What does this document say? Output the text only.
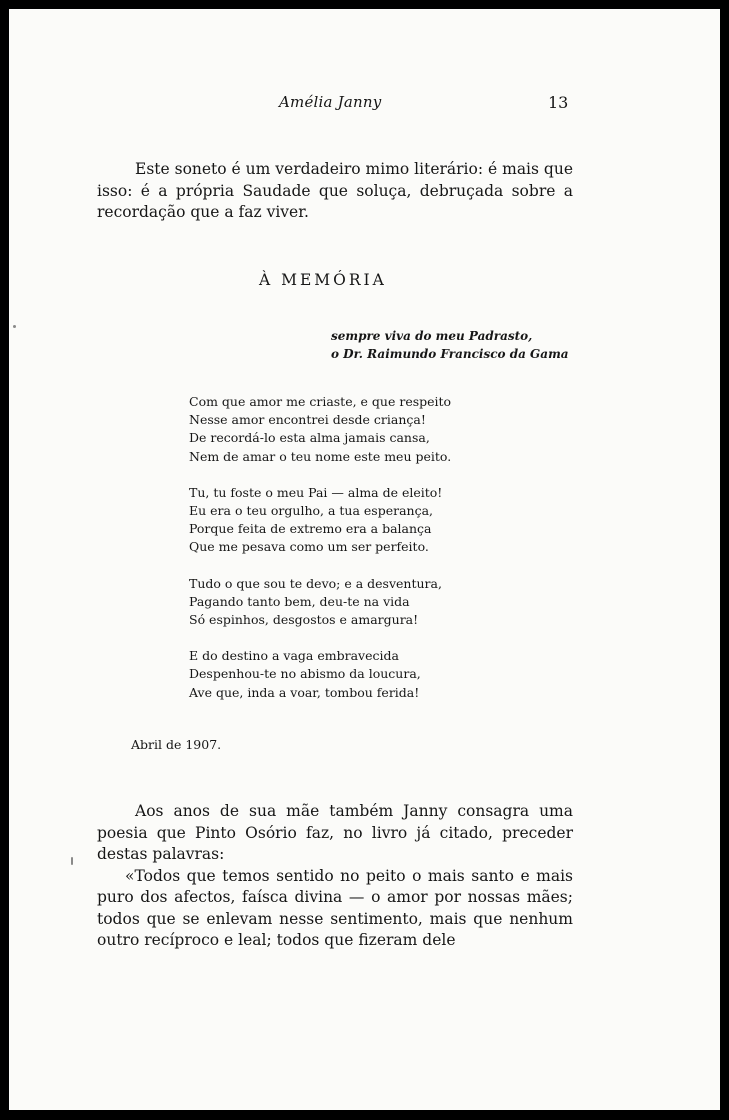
Amélia Janny	13

Este soneto é um verdadeiro mimo literário: é mais que isso: é a própria Saudade que soluça, debruçada sobre a recordação que a faz viver.

À MEMÓRIA
sempre viva do meu Padrasto,
o Dr. Raimundo Francisco da Gama
Com que amor me criaste, e que respeito
Nesse amor encontrei desde criança!
De recordá-lo esta alma jamais cansa,
Nem de amar o teu nome este meu peito.
Tu, tu foste o meu Pai — alma de eleito!
Eu era o teu orgulho, a tua esperança,
Porque feita de extremo era a balança
Que me pesava como um ser perfeito.
Tudo o que sou te devo; e a desventura,
Pagando tanto bem, deu-te na vida
Só espinhos, desgostos e amargura!
E do destino a vaga embravecida
Despenhou-te no abismo da loucura,
Ave que, inda a voar, tombou ferida!
Abril de 1907.

Aos anos de sua mãe também Janny consagra uma poesia que Pinto Osório faz, no livro já citado, preceder destas palavras:

«Todos que temos sentido no peito o mais santo e mais puro dos afectos, faísca divina — o amor por nossas mães; todos que se enlevam nesse sentimento, mais que nenhum outro recíproco e leal; todos que fizeram dele
